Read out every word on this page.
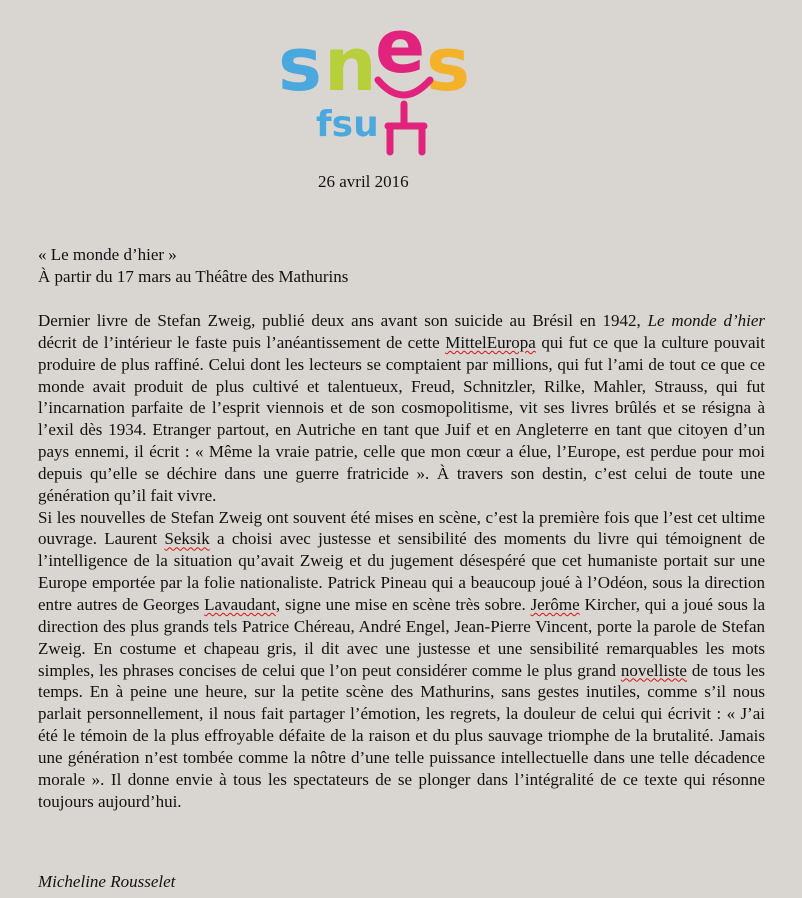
s n
e s
fsu
26 avril 2016
« Le monde d’hier »
À partir du 17 mars au Théâtre des Mathurins

Dernier livre de Stefan Zweig, publié deux ans avant son suicide au Brésil en 1942, Le monde d’hier décrit de l’intérieur le faste puis l’anéantissement de cette MittelEuropa qui fut ce que la culture pouvait produire de plus raffiné. Celui dont les lecteurs se comptaient par millions, qui fut l’ami de tout ce que ce monde avait produit de plus cultivé et talentueux, Freud, Schnitzler, Rilke, Mahler, Strauss, qui fut l’incarnation parfaite de l’esprit viennois et de son cosmopolitisme, vit ses livres brûlés et se résigna à l’exil dès 1934. Etranger partout, en Autriche en tant que Juif et en Angleterre en tant que citoyen d’un pays ennemi, il écrit : « Même la vraie patrie, celle que mon cœur a élue, l’Europe, est perdue pour moi depuis qu’elle se déchire dans une guerre fratricide ». À travers son destin, c’est celui de toute une génération qu’il fait vivre.

Si les nouvelles de Stefan Zweig ont souvent été mises en scène, c’est la première fois que l’est cet ultime ouvrage. Laurent Seksik a choisi avec justesse et sensibilité des moments du livre qui témoignent de l’intelligence de la situation qu’avait Zweig et du jugement désespéré que cet humaniste portait sur une Europe emportée par la folie nationaliste. Patrick Pineau qui a beaucoup joué à l’Odéon, sous la direction entre autres de Georges Lavaudant, signe une mise en scène très sobre. Jerôme Kircher, qui a joué sous la direction des plus grands tels Patrice Chéreau, André Engel, Jean-Pierre Vincent, porte la parole de Stefan Zweig. En costume et chapeau gris, il dit avec une justesse et une sensibilité remarquables les mots simples, les phrases concises de celui que l’on peut considérer comme le plus grand novelliste de tous les temps. En à peine une heure, sur la petite scène des Mathurins, sans gestes inutiles, comme s’il nous parlait personnellement, il nous fait partager l’émotion, les regrets, la douleur de celui qui écrivit : « J’ai été le témoin de la plus effroyable défaite de la raison et du plus sauvage triomphe de la brutalité. Jamais une génération n’est tombée comme la nôtre d’une telle puissance intellectuelle dans une telle décadence morale ». Il donne envie à tous les spectateurs de se plonger dans l’intégralité de ce texte qui résonne toujours aujourd’hui.

Micheline Rousselet
